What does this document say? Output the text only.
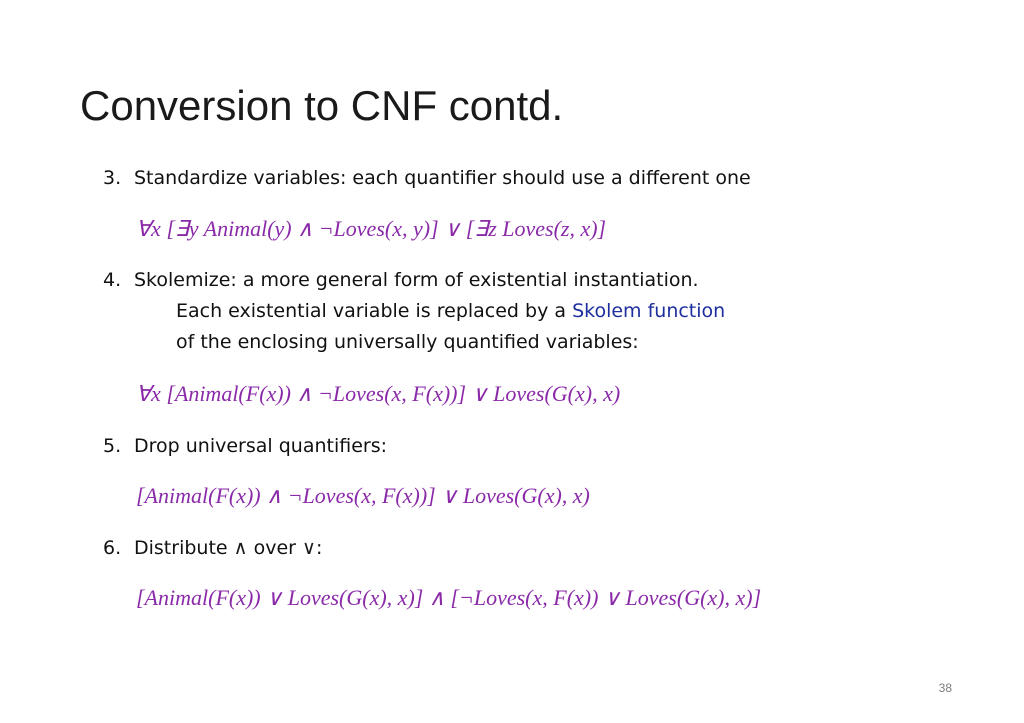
Conversion to CNF contd.
3. Standardize variables: each quantifier should use a different one
∀x [∃y Animal(y) ∧ ¬Loves(x, y)] ∨ [∃z Loves(z, x)]
4. Skolemize: a more general form of existential instantiation.
Each existential variable is replaced by a Skolem function
of the enclosing universally quantified variables:
∀x [Animal(F(x)) ∧ ¬Loves(x, F(x))] ∨ Loves(G(x), x)
5. Drop universal quantifiers:
[Animal(F(x)) ∧ ¬Loves(x, F(x))] ∨ Loves(G(x), x)
6. Distribute ∧ over ∨:
[Animal(F(x)) ∨ Loves(G(x), x)] ∧ [¬Loves(x, F(x)) ∨ Loves(G(x), x)]
38
